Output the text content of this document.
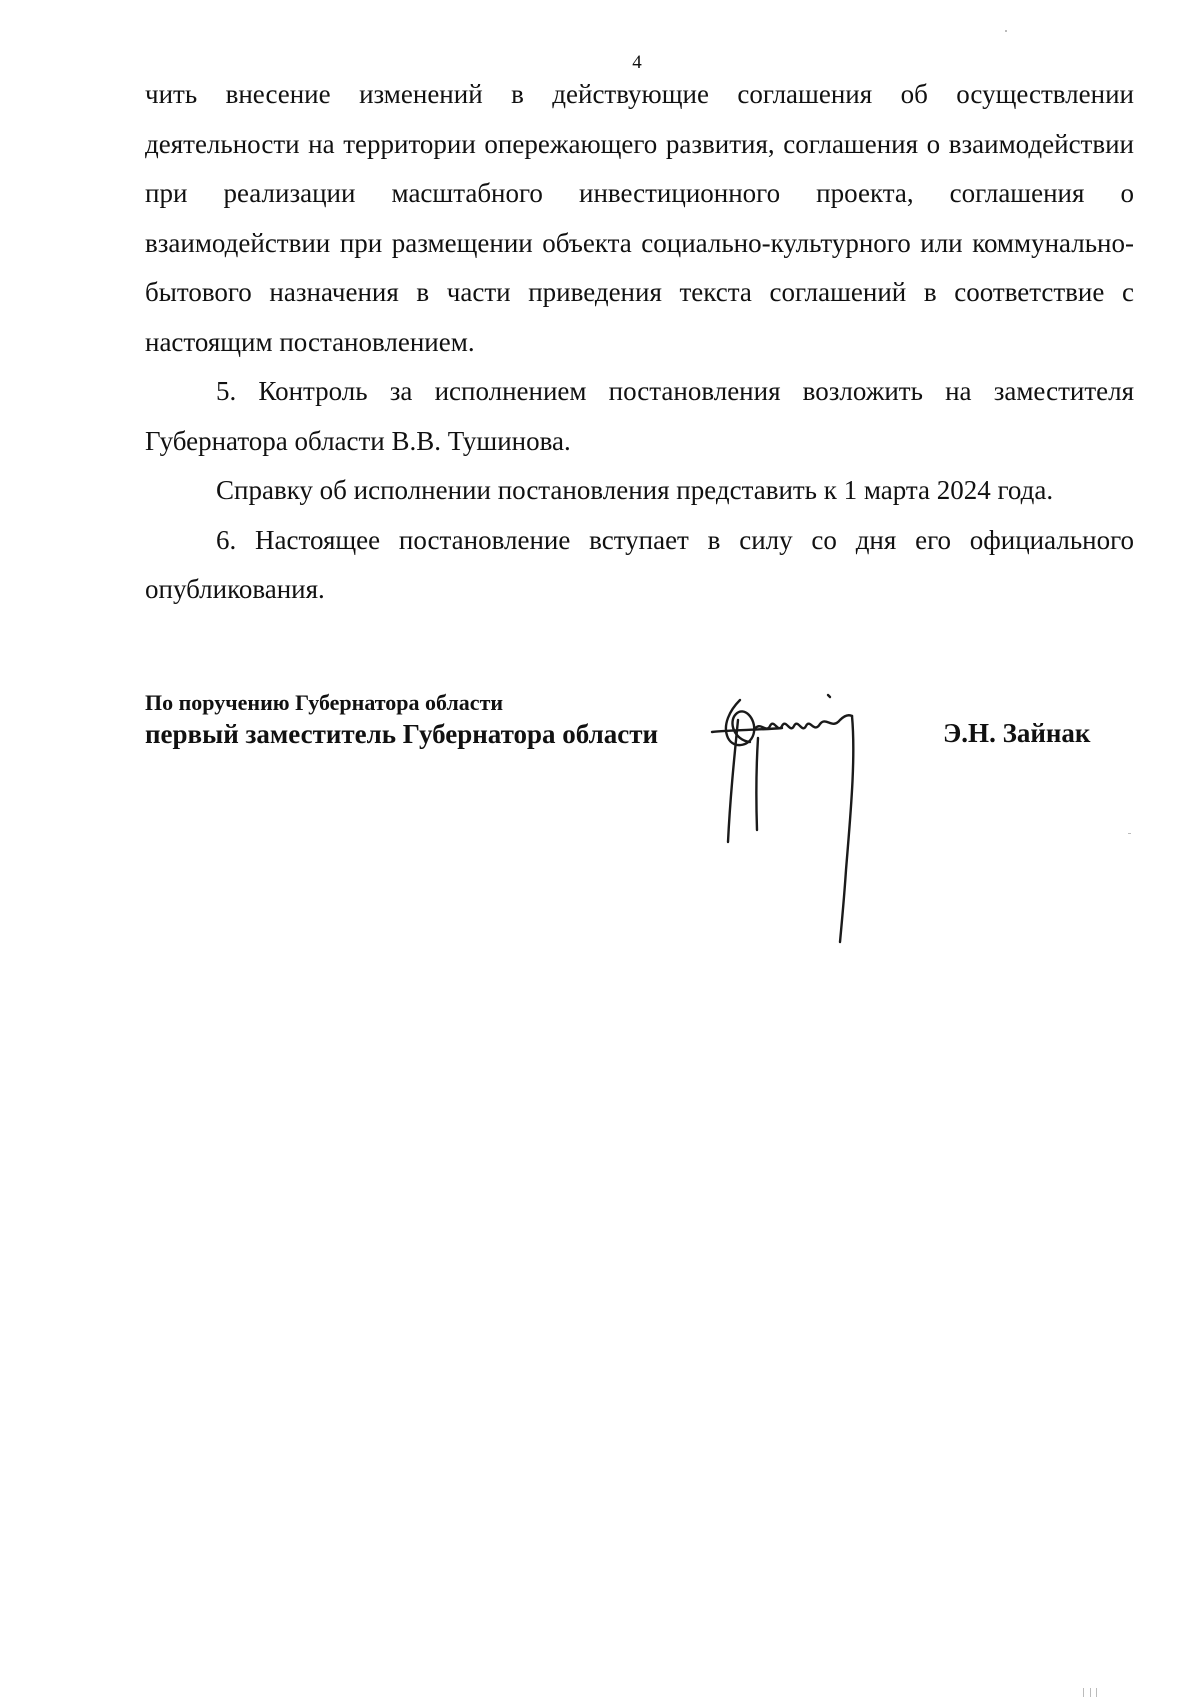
4

чить внесение изменений в действующие соглашения об осуществлении деятельности на территории опережающего развития, соглашения о взаимодействии при реализации масштабного инвестиционного проекта, соглашения о взаимодействии при размещении объекта социально-культурного или коммунально-бытового назначения в части приведения текста соглашений в соответствие с настоящим постановлением.

5. Контроль за исполнением постановления возложить на заместителя Губернатора области В.В. Тушинова.

Справку об исполнении постановления представить к 1 марта 2024 года.

6. Настоящее постановление вступает в силу со дня его официального опубликования.

По поручению Губернатора области
первый заместитель Губернатора области	Э.Н. Зайнак
